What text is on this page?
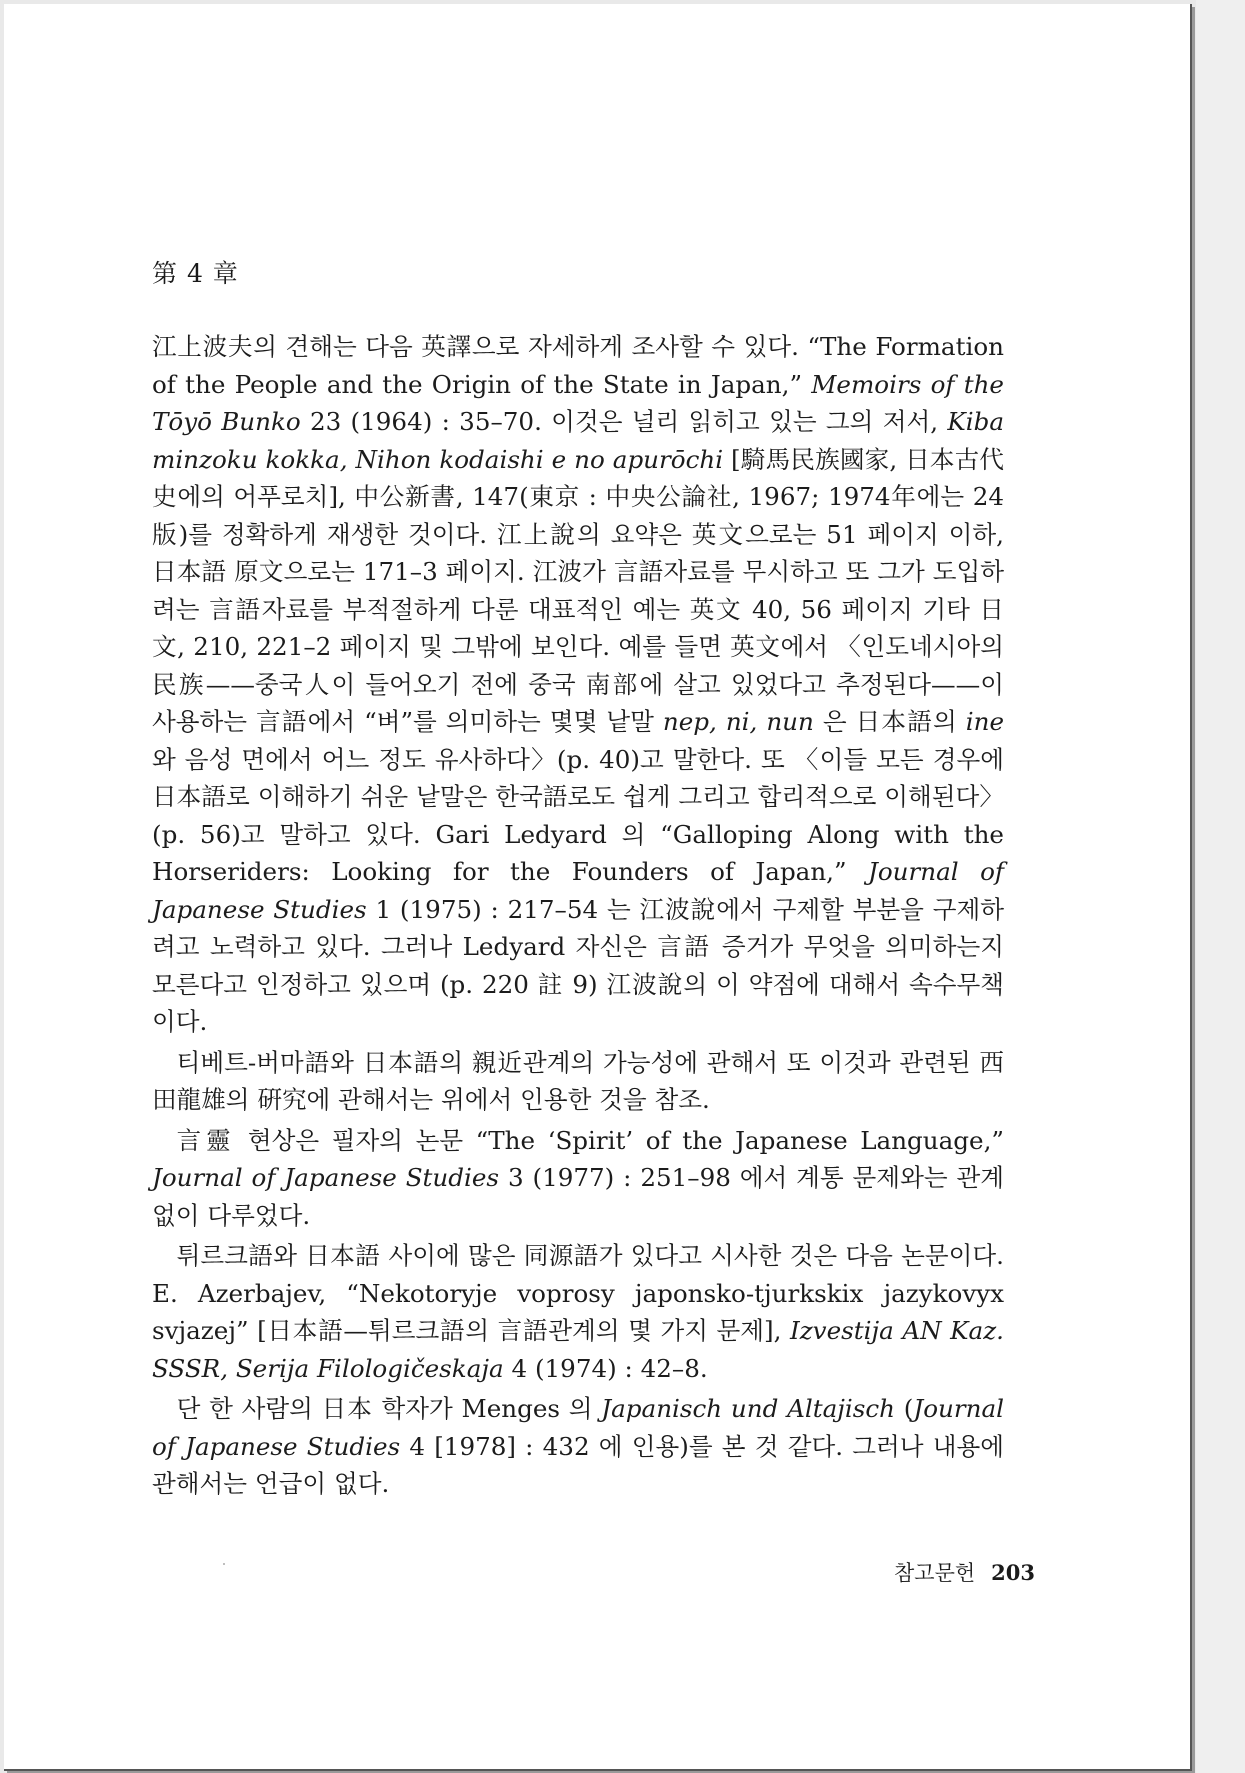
第 4 章

江上波夫의 견해는 다음 英譯으로 자세하게 조사할 수 있다. “The Formation of the People and the Origin of the State in Japan,” Memoirs of the Tōyō Bunko 23 (1964) : 35–70. 이것은 널리 읽히고 있는 그의 저서, Kiba minzoku kokka, Nihon kodaishi e no apurōchi [騎馬民族國家, 日本古代史에의 어푸로치], 中公新書, 147(東京 : 中央公論社, 1967; 1974年에는 24版)를 정확하게 재생한 것이다. 江上說의 요약은 英文으로는 51 페이지 이하, 日本語 原文으로는 171–3 페이지. 江波가 言語자료를 무시하고 또 그가 도입하려는 言語자료를 부적절하게 다룬 대표적인 예는 英文 40, 56 페이지 기타 日文, 210, 221–2 페이지 및 그밖에 보인다. 예를 들면 英文에서 〈인도네시아의 民族——중국人이 들어오기 전에 중국 南部에 살고 있었다고 추정된다——이 사용하는 言語에서 “벼”를 의미하는 몇몇 낱말 nep, ni, nun 은 日本語의 ine 와 음성 면에서 어느 정도 유사하다〉(p. 40)고 말한다. 또 〈이들 모든 경우에 日本語로 이해하기 쉬운 낱말은 한국語로도 쉽게 그리고 합리적으로 이해된다〉(p. 56)고 말하고 있다. Gari Ledyard 의 “Galloping Along with the Horseriders: Looking for the Founders of Japan,” Journal of Japanese Studies 1 (1975) : 217–54 는 江波說에서 구제할 부분을 구제하려고 노력하고 있다. 그러나 Ledyard 자신은 言語 증거가 무엇을 의미하는지 모른다고 인정하고 있으며 (p. 220 註 9) 江波說의 이 약점에 대해서 속수무책이다.

티베트-버마語와 日本語의 親近관계의 가능성에 관해서 또 이것과 관련된 西田龍雄의 硏究에 관해서는 위에서 인용한 것을 참조.

言靈 현상은 필자의 논문 “The ‘Spirit’ of the Japanese Language,” Journal of Japanese Studies 3 (1977) : 251–98 에서 계통 문제와는 관계없이 다루었다.

튀르크語와 日本語 사이에 많은 同源語가 있다고 시사한 것은 다음 논문이다. E. Azerbajev, “Nekotoryje voprosy japonsko-tjurkskix jazykovyx svjazej” [日本語—튀르크語의 言語관계의 몇 가지 문제], Izvestija AN Kaz. SSSR, Serija Filologičeskaja 4 (1974) : 42–8.

단 한 사람의 日本 학자가 Menges 의 Japanisch und Altajisch (Journal of Japanese Studies 4 [1978] : 432 에 인용)를 본 것 같다. 그러나 내용에 관해서는 언급이 없다.

참고문헌 203
